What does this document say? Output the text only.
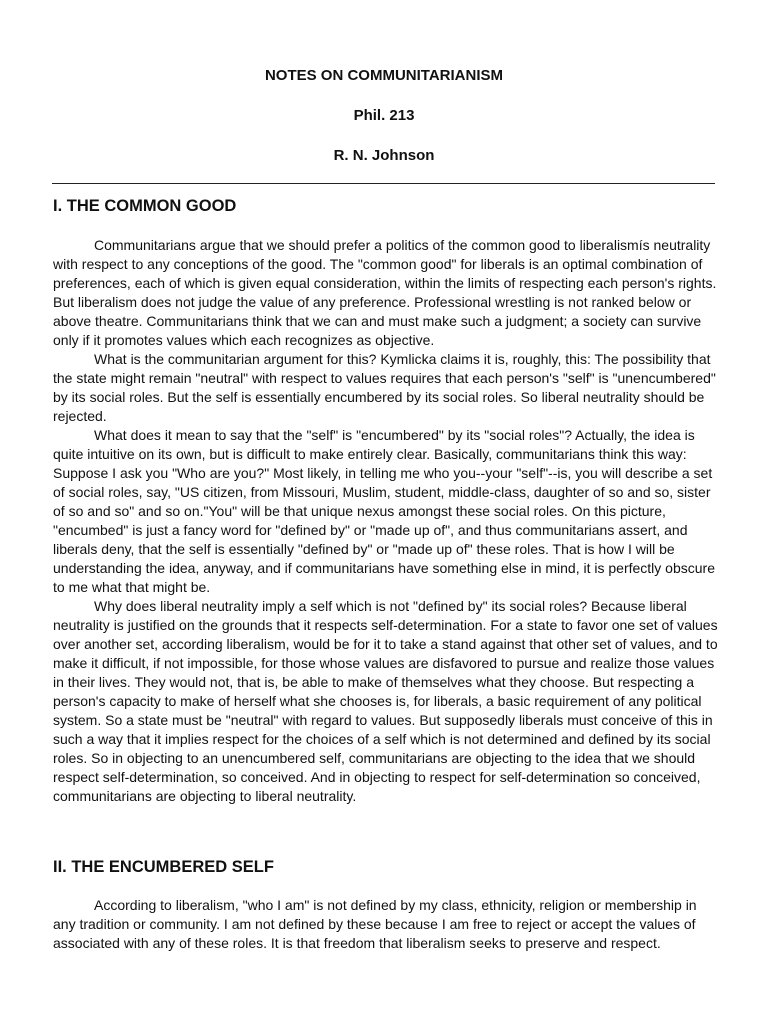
NOTES ON COMMUNITARIANISM
Phil. 213
R. N. Johnson
I. THE COMMON GOOD

Communitarians argue that we should prefer a politics of the common good to liberalismís neutrality with respect to any conceptions of the good. The "common good" for liberals is an optimal combination of preferences, each of which is given equal consideration, within the limits of respecting each person's rights. But liberalism does not judge the value of any preference. Professional wrestling is not ranked below or above theatre. Communitarians think that we can and must make such a judgment; a society can survive only if it promotes values which each recognizes as objective.

What is the communitarian argument for this? Kymlicka claims it is, roughly, this: The possibility that the state might remain "neutral" with respect to values requires that each person's "self" is "unencumbered" by its social roles. But the self is essentially encumbered by its social roles. So liberal neutrality should be rejected.

What does it mean to say that the "self" is "encumbered" by its "social roles"? Actually, the idea is quite intuitive on its own, but is difficult to make entirely clear. Basically, communitarians think this way: Suppose I ask you "Who are you?" Most likely, in telling me who you--your "self"--is, you will describe a set of social roles, say, "US citizen, from Missouri, Muslim, student, middle-class, daughter of so and so, sister of so and so" and so on."You" will be that unique nexus amongst these social roles. On this picture, "encumbed" is just a fancy word for "defined by" or "made up of", and thus communitarians assert, and liberals deny, that the self is essentially "defined by" or "made up of" these roles. That is how I will be understanding the idea, anyway, and if communitarians have something else in mind, it is perfectly obscure to me what that might be.

Why does liberal neutrality imply a self which is not "defined by" its social roles? Because liberal neutrality is justified on the grounds that it respects self-determination. For a state to favor one set of values over another set, according liberalism, would be for it to take a stand against that other set of values, and to make it difficult, if not impossible, for those whose values are disfavored to pursue and realize those values in their lives. They would not, that is, be able to make of themselves what they choose. But respecting a person's capacity to make of herself what she chooses is, for liberals, a basic requirement of any political system. So a state must be "neutral" with regard to values. But supposedly liberals must conceive of this in such a way that it implies respect for the choices of a self which is not determined and defined by its social roles. So in objecting to an unencumbered self, communitarians are objecting to the idea that we should respect self-determination, so conceived. And in objecting to respect for self-determination so conceived, communitarians are objecting to liberal neutrality.

II. THE ENCUMBERED SELF

According to liberalism, "who I am" is not defined by my class, ethnicity, religion or membership in any tradition or community. I am not defined by these because I am free to reject or accept the values of associated with any of these roles. It is that freedom that liberalism seeks to preserve and respect.
